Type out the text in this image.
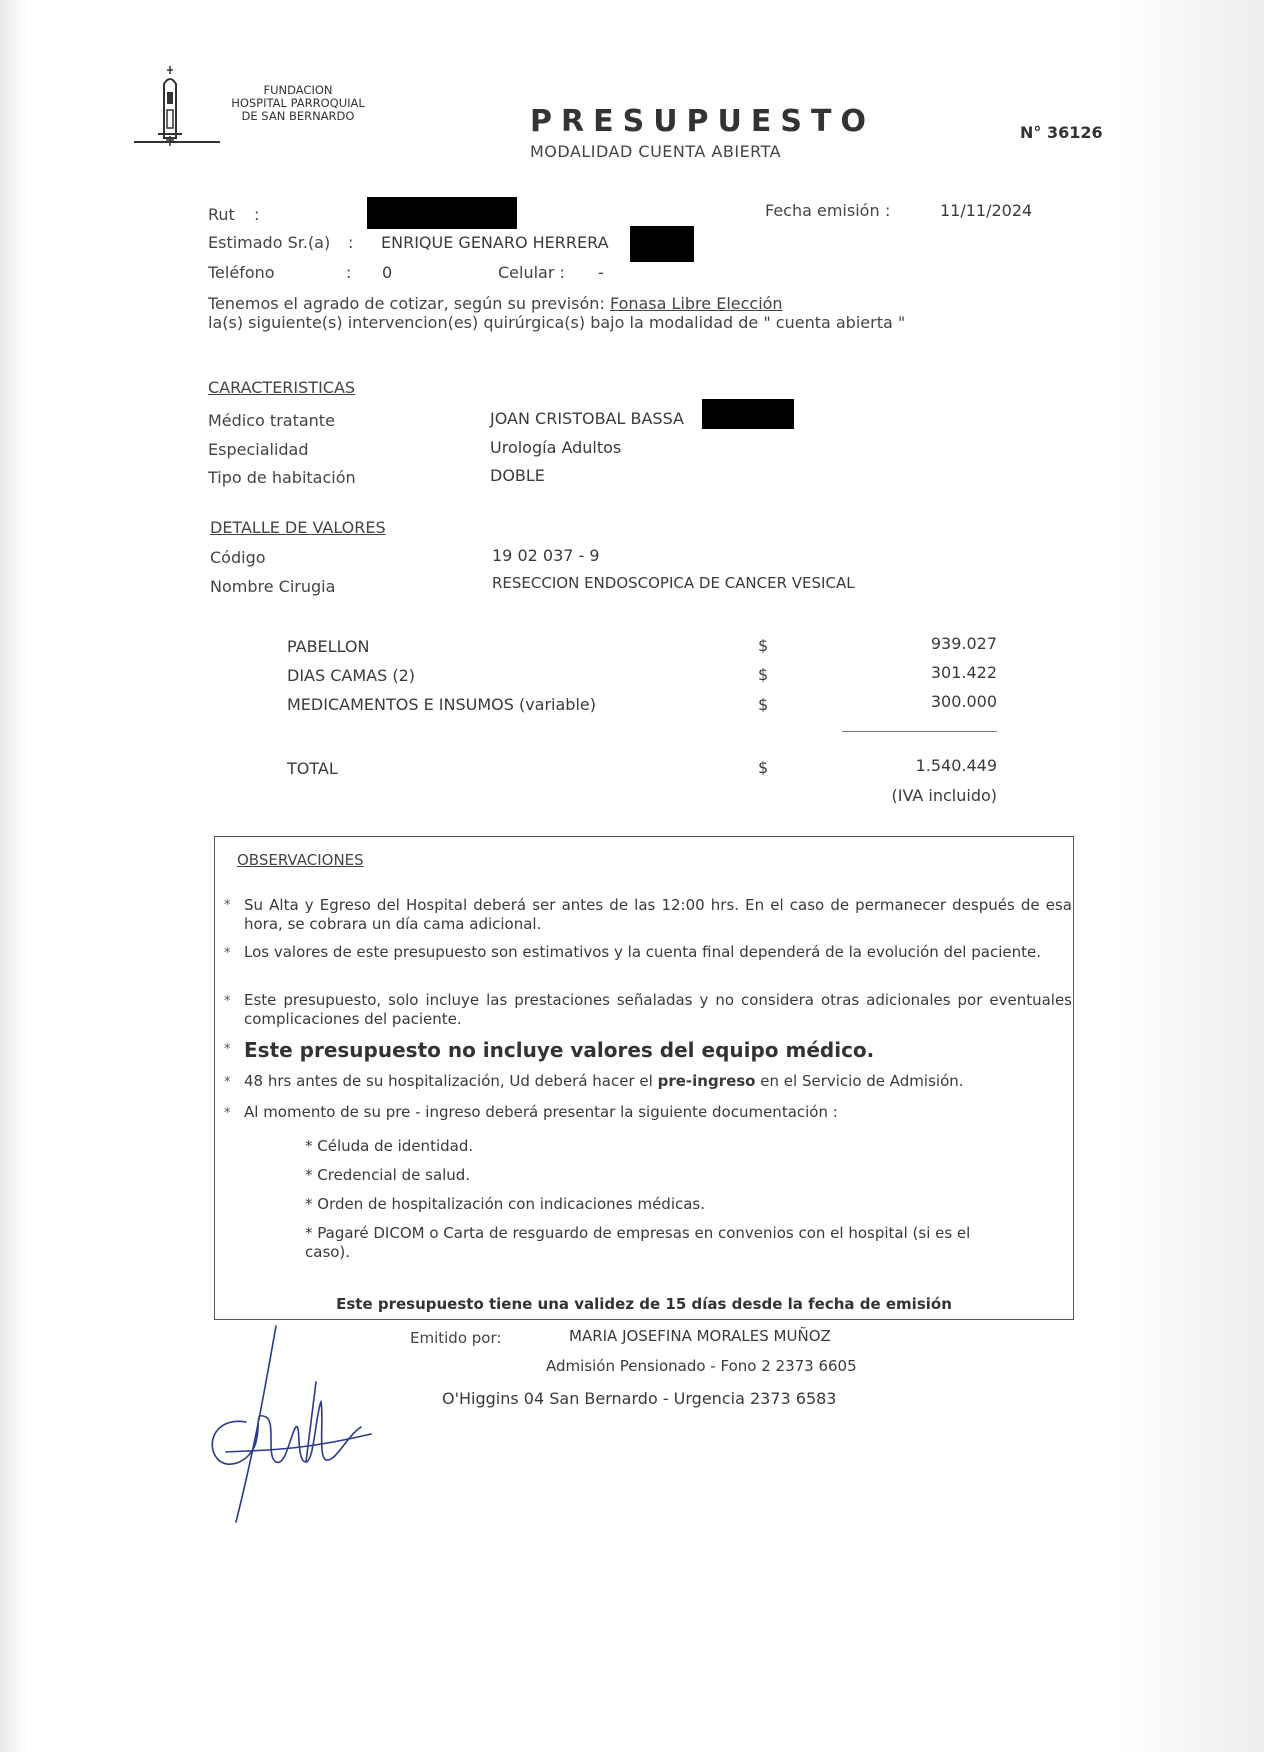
FUNDACION
HOSPITAL PARROQUIAL
DE SAN BERNARDO	PRESUPUESTO
MODALIDAD CUENTA ABIERTA
N° 36126
Rut :	Fecha emisión :	11/11/2024
Estimado Sr.(a) : ENRIQUE GENARO HERRERA
Teléfono	: 0	Celular : -
Tenemos el agrado de cotizar, según su previsón: Fonasa Libre Elección
la(s) siguiente(s) intervencion(es) quirúrgica(s) bajo la modalidad de " cuenta abierta "
CARACTERISTICAS
Médico tratante	JOAN CRISTOBAL BASSA
Especialidad	Urología Adultos
Tipo de habitación	DOBLE
DETALLE DE VALORES
Código	19 02 037 - 9
Nombre Cirugia	RESECCION ENDOSCOPICA DE CANCER VESICAL
PABELLON	$	939.027
DIAS CAMAS (2)	$	301.422
MEDICAMENTOS E INSUMOS (variable)	$	300.000
TOTAL	$	1.540.449
(IVA incluido)
OBSERVACIONES
* Su Alta y Egreso del Hospital deberá ser antes de las 12:00 hrs. En el caso de permanecer después de esa hora, se cobrara un día cama adicional.
* Los valores de este presupuesto son estimativos y la cuenta final dependerá de la evolución del paciente.
* Este presupuesto, solo incluye las prestaciones señaladas y no considera otras adicionales por eventuales complicaciones del paciente.
* Este presupuesto no incluye valores del equipo médico.
* 48 hrs antes de su hospitalización, Ud deberá hacer el pre-ingreso en el Servicio de Admisión.
* Al momento de su pre - ingreso deberá presentar la siguiente documentación :
* Céluda de identidad.
* Credencial de salud.
* Orden de hospitalización con indicaciones médicas.
* Pagaré DICOM o Carta de resguardo de empresas en convenios con el hospital (si es el caso).
Este presupuesto tiene una validez de 15 días desde la fecha de emisión
Emitido por:	MARIA JOSEFINA MORALES MUÑOZ
Admisión Pensionado - Fono 2 2373 6605
O'Higgins 04 San Bernardo - Urgencia 2373 6583
